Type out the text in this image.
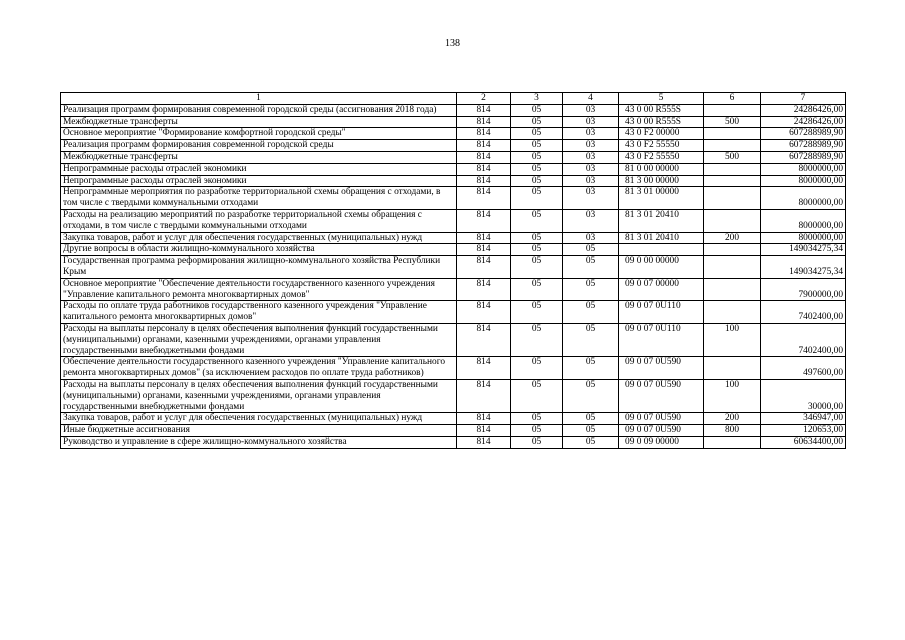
138
1	2	3	4	5	6	7
Реализация программ формирования современной городской среды (ассигнования 2018 года)	814	05	03	43 0 00 R555S		24286426,00
Межбюджетные трансферты	814	05	03	43 0 00 R555S	500	24286426,00
Основное мероприятие "Формирование комфортной городской среды"	814	05	03	43 0 F2 00000		607288989,90
Реализация программ формирования современной городской среды	814	05	03	43 0 F2 55550		607288989,90
Межбюджетные трансферты	814	05	03	43 0 F2 55550	500	607288989,90
Непрограммные расходы отраслей экономики	814	05	03	81 0 00 00000		8000000,00
Непрограммные расходы отраслей экономики	814	05	03	81 3 00 00000		8000000,00
Непрограммные мероприятия по разработке территориальной схемы обращения с отходами, в том числе с твердыми коммунальными отходами	814	05	03	81 3 01 00000		8000000,00
Расходы на реализацию мероприятий по разработке территориальной схемы обращения с отходами, в том числе с твердыми коммунальными отходами	814	05	03	81 3 01 20410		8000000,00
Закупка товаров, работ и услуг для обеспечения государственных (муниципальных) нужд	814	05	03	81 3 01 20410	200	8000000,00
Другие вопросы в области жилищно-коммунального хозяйства	814	05	05			149034275,34
Государственная программа реформирования жилищно-коммунального хозяйства Республики Крым	814	05	05	09 0 00 00000		149034275,34
Основное мероприятие "Обеспечение деятельности государственного казенного учреждения "Управление капитального ремонта многоквартирных домов"	814	05	05	09 0 07 00000		7900000,00
Расходы по оплате труда работников государственного казенного учреждения "Управление капитального ремонта многоквартирных домов"	814	05	05	09 0 07 0U110		7402400,00
Расходы на выплаты персоналу в целях обеспечения выполнения функций государственными (муниципальными) органами, казенными учреждениями, органами управления государственными внебюджетными фондами	814	05	05	09 0 07 0U110	100	7402400,00
Обеспечение деятельности государственного казенного учреждения "Управление капитального ремонта многоквартирных домов" (за исключением расходов по оплате труда работников)	814	05	05	09 0 07 0U590		497600,00
Расходы на выплаты персоналу в целях обеспечения выполнения функций государственными (муниципальными) органами, казенными учреждениями, органами управления государственными внебюджетными фондами	814	05	05	09 0 07 0U590	100	30000,00
Закупка товаров, работ и услуг для обеспечения государственных (муниципальных) нужд	814	05	05	09 0 07 0U590	200	346947,00
Иные бюджетные ассигнования	814	05	05	09 0 07 0U590	800	120653,00
Руководство и управление в сфере жилищно-коммунального хозяйства	814	05	05	09 0 09 00000		60634400,00
